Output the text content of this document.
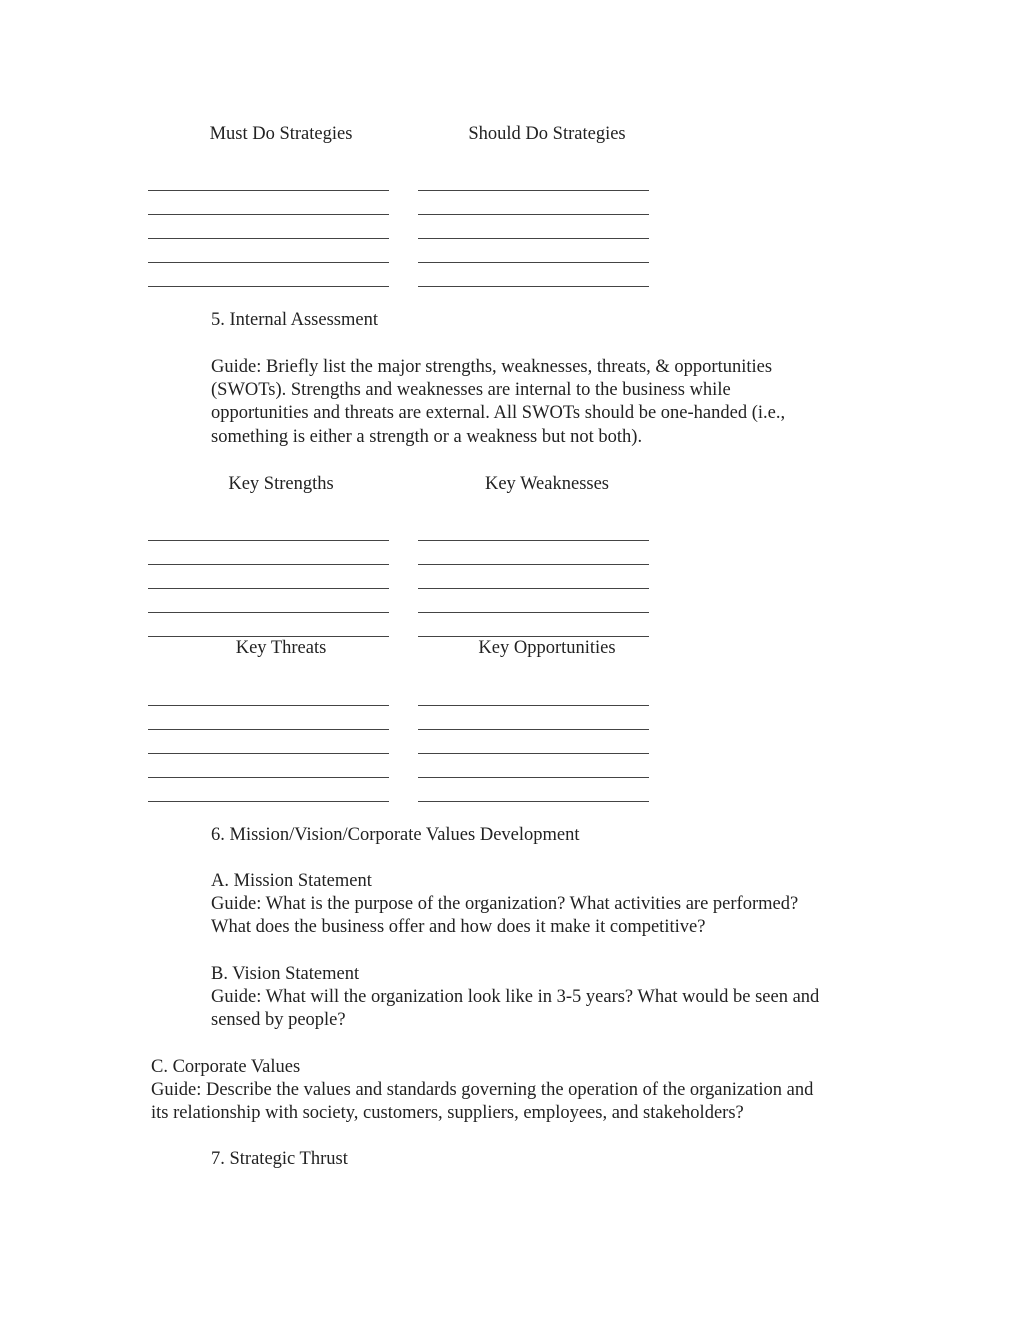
Must Do Strategies	Should Do Strategies
5. Internal Assessment

Guide: Briefly list the major strengths, weaknesses, threats, & opportunities

(SWOTs). Strengths and weaknesses are internal to the business while

opportunities and threats are external. All SWOTs should be one-handed (i.e.,

something is either a strength or a weakness but not both).

Key Strengths	Key Weaknesses
Key Threats	Key Opportunities
6. Mission/Vision/Corporate Values Development

A. Mission Statement

Guide: What is the purpose of the organization? What activities are performed?

What does the business offer and how does it make it competitive?

B. Vision Statement

Guide: What will the organization look like in 3-5 years? What would be seen and

sensed by people?

C. Corporate Values

Guide: Describe the values and standards governing the operation of the organization and

its relationship with society, customers, suppliers, employees, and stakeholders?

7. Strategic Thrust
